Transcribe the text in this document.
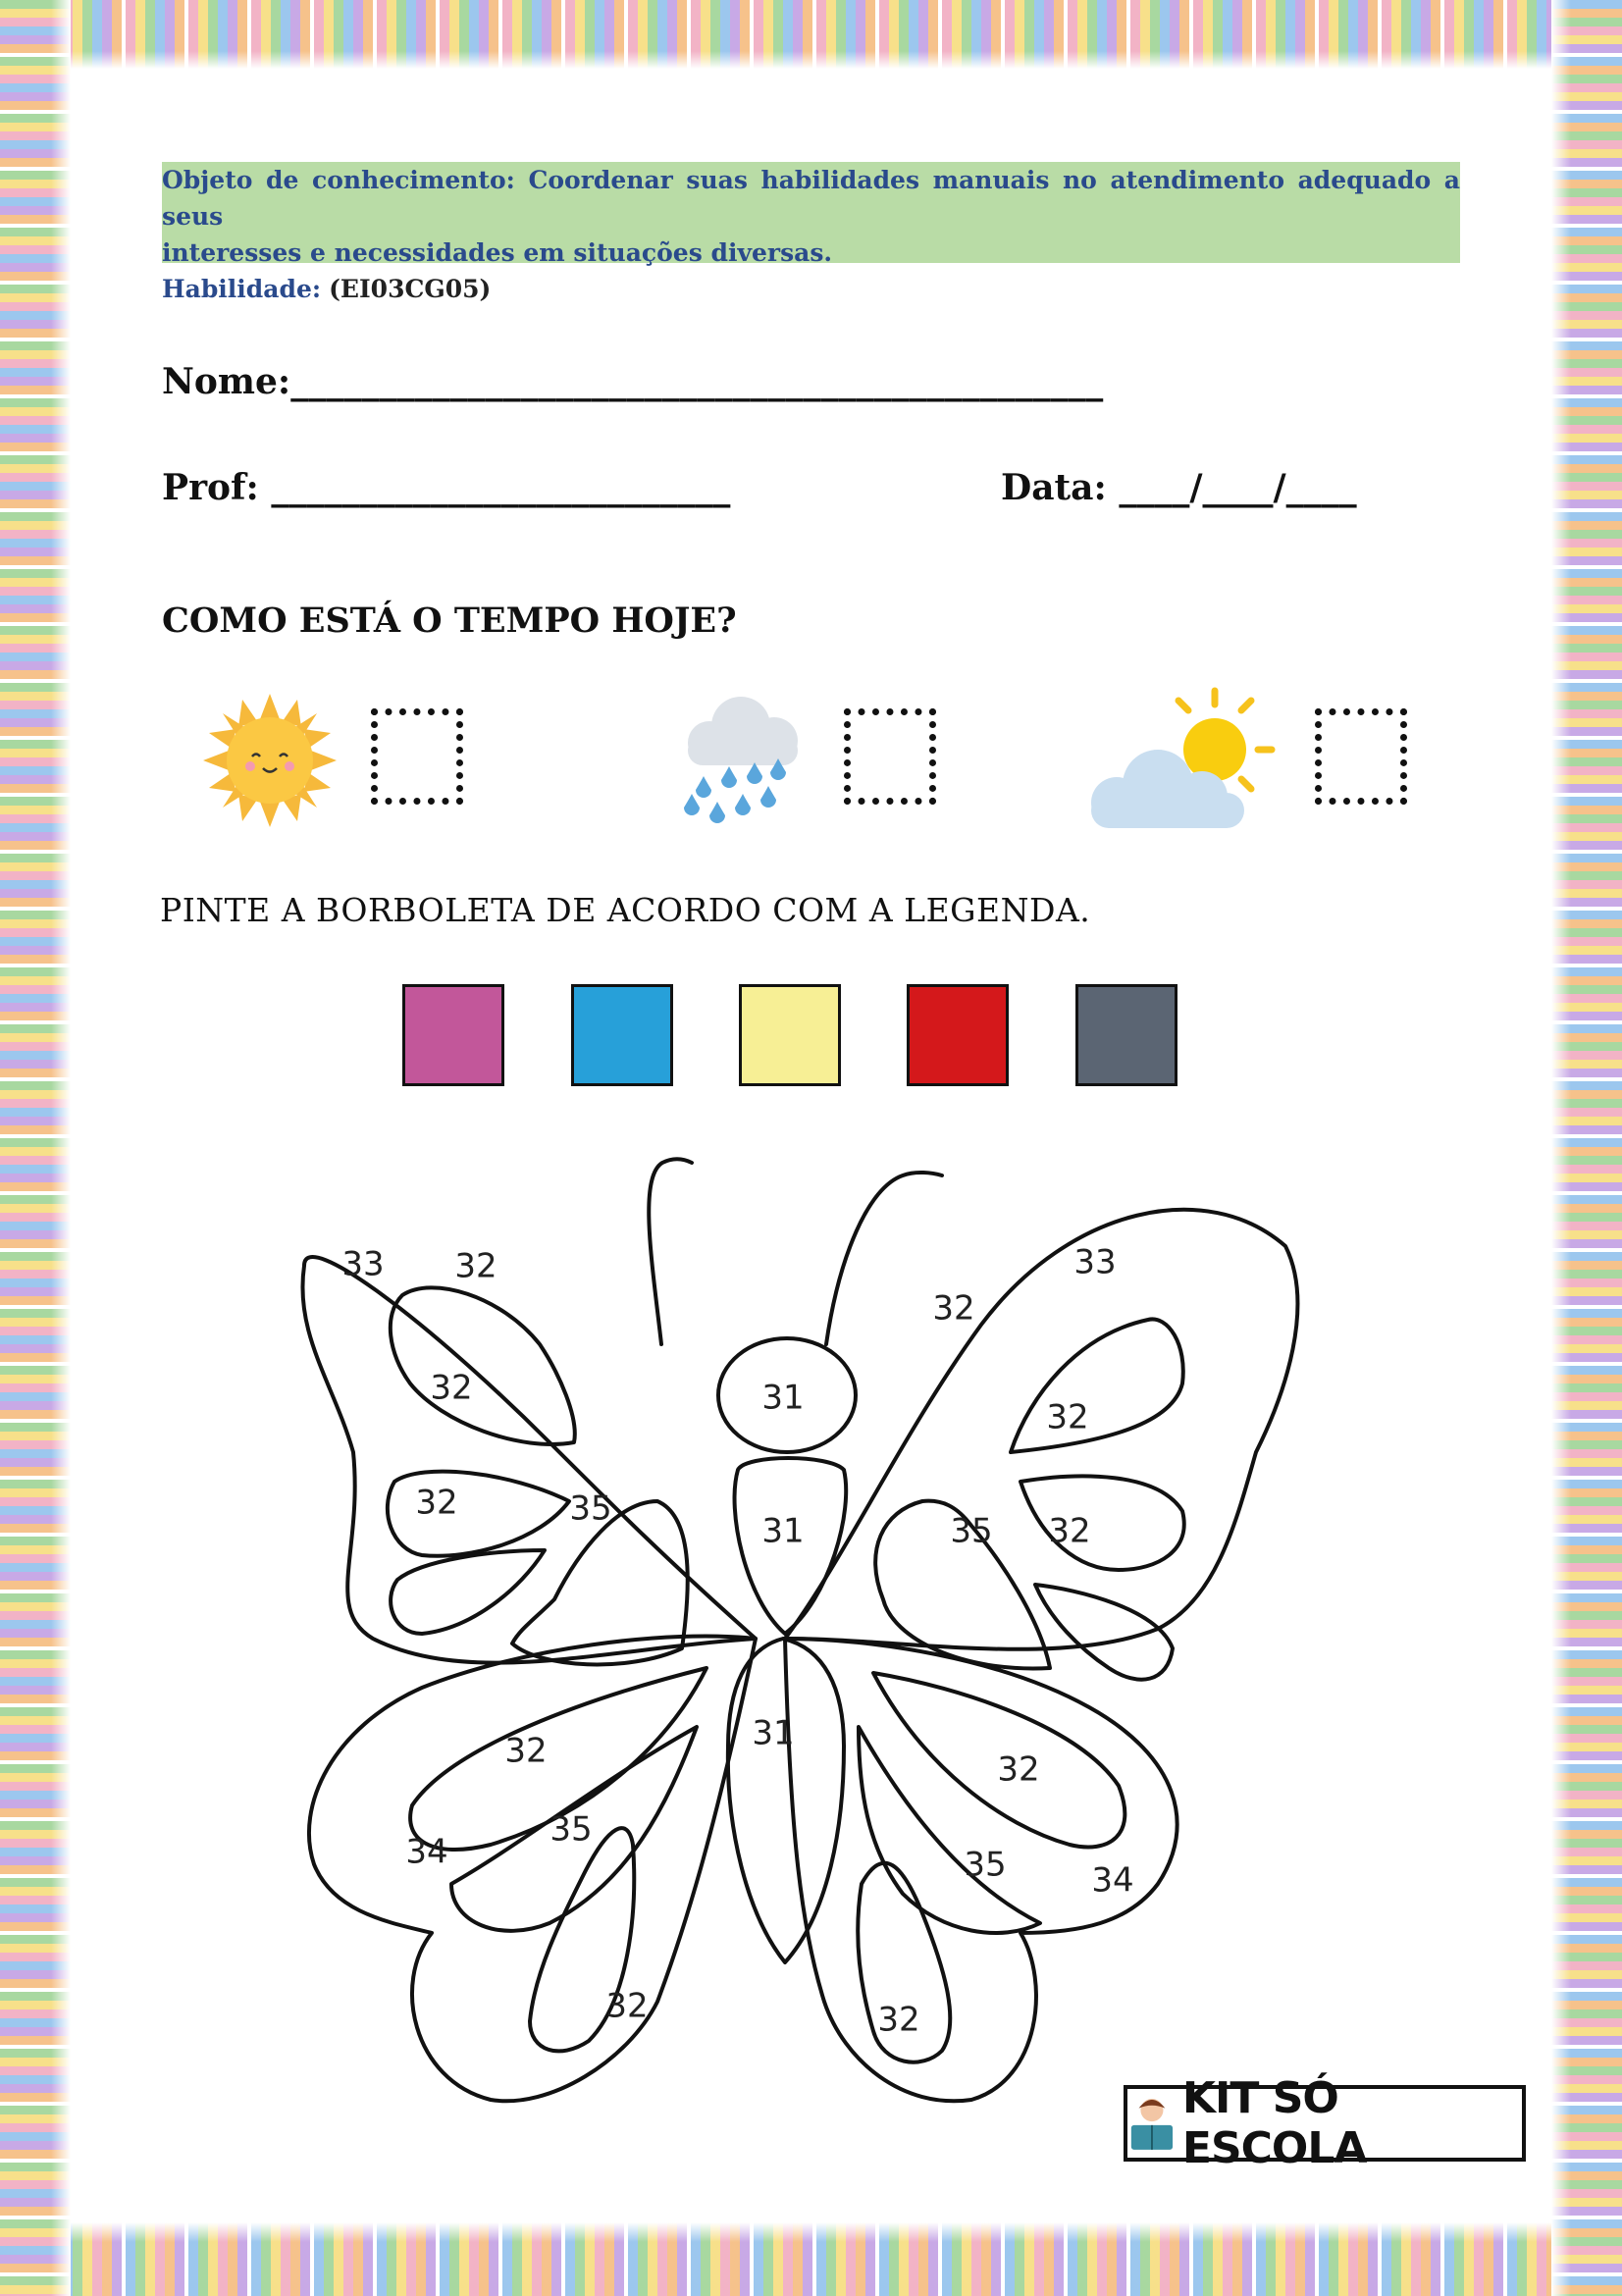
Objeto de conhecimento: Coordenar suas habilidades manuais no atendimento adequado a seus
interesses e necessidades em situações diversas.
Habilidade: (EI03CG05)
Nome:______________________________________________
Prof: __________________________	Data: ____/____/____
COMO ESTÁ O TEMPO HOJE?
PINTE A BORBOLETA DE ACORDO COM A LEGENDA.
33 32
32
32	35
31
31
31
33
32
32
32
35
32
35
34
32
32
35	34
32
KIT SÓ ESCOLA
